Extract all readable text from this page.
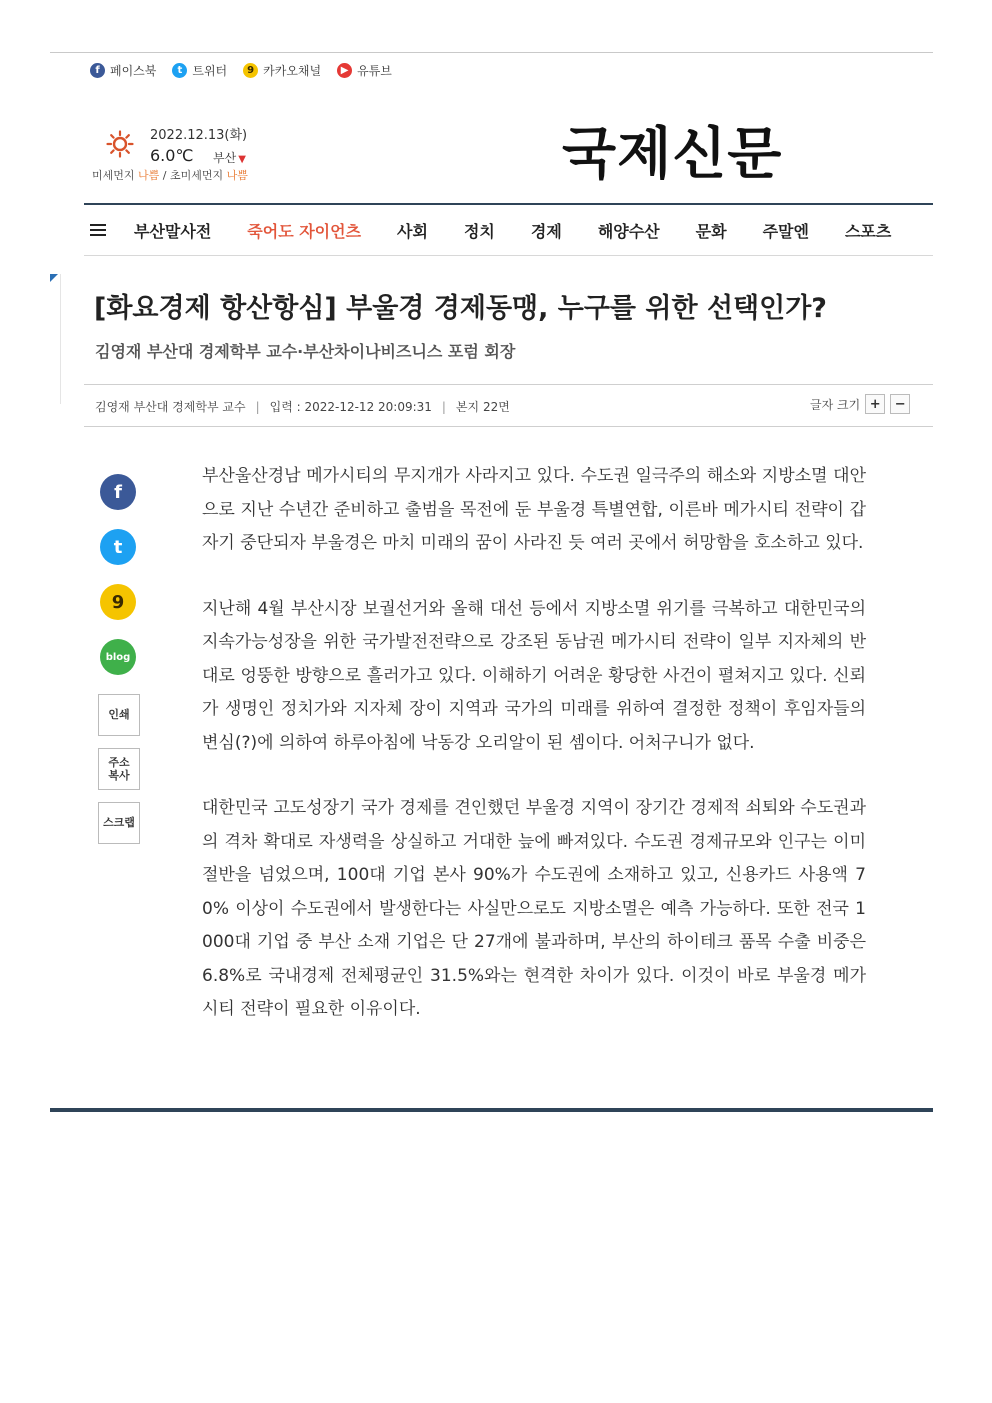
f 페이스북	t 트위터	9 카카오채널	▶ 유튜브
2022.12.13(화)
6.0℃ 부산 ▼
미세먼지 나쁨 / 초미세먼지 나쁨	국제신문
부산말사전 죽어도 자이언츠 사회 정치 경제 해양수산 문화 주말엔 스포츠
[화요경제 항산항심] 부울경 경제동맹, 누구를 위한 선택인가?
김영재 부산대 경제학부 교수·부산차이나비즈니스 포럼 회장
김영재 부산대 경제학부 교수 | 입력 : 2022-12-12 20:09:31 | 본지 22면	글자 크기 +	−
f
t
9
blog
인쇄
주소
복사
스크랩

부산울산경남 메가시티의 무지개가 사라지고 있다. 수도권 일극주의 해소와 지방소멸 대안으로 지난 수년간 준비하고 출범을 목전에 둔 부울경 특별연합, 이른바 메가시티 전략이 갑자기 중단되자 부울경은 마치 미래의 꿈이 사라진 듯 여러 곳에서 허망함을 호소하고 있다.

지난해 4월 부산시장 보궐선거와 올해 대선 등에서 지방소멸 위기를 극복하고 대한민국의 지속가능성장을 위한 국가발전전략으로 강조된 동남권 메가시티 전략이 일부 지자체의 반대로 엉뚱한 방향으로 흘러가고 있다. 이해하기 어려운 황당한 사건이 펼쳐지고 있다. 신뢰가 생명인 정치가와 지자체 장이 지역과 국가의 미래를 위하여 결정한 정책이 후임자들의 변심(?)에 의하여 하루아침에 낙동강 오리알이 된 셈이다. 어처구니가 없다.

대한민국 고도성장기 국가 경제를 견인했던 부울경 지역이 장기간 경제적 쇠퇴와 수도권과의 격차 확대로 자생력을 상실하고 거대한 늪에 빠져있다. 수도권 경제규모와 인구는 이미 절반을 넘었으며, 100대 기업 본사 90%가 수도권에 소재하고 있고, 신용카드 사용액 70% 이상이 수도권에서 발생한다는 사실만으로도 지방소멸은 예측 가능하다. 또한 전국 1000대 기업 중 부산 소재 기업은 단 27개에 불과하며, 부산의 하이테크 품목 수출 비중은 6.8%로 국내경제 전체평균인 31.5%와는 현격한 차이가 있다. 이것이 바로 부울경 메가시티 전략이 필요한 이유이다.
